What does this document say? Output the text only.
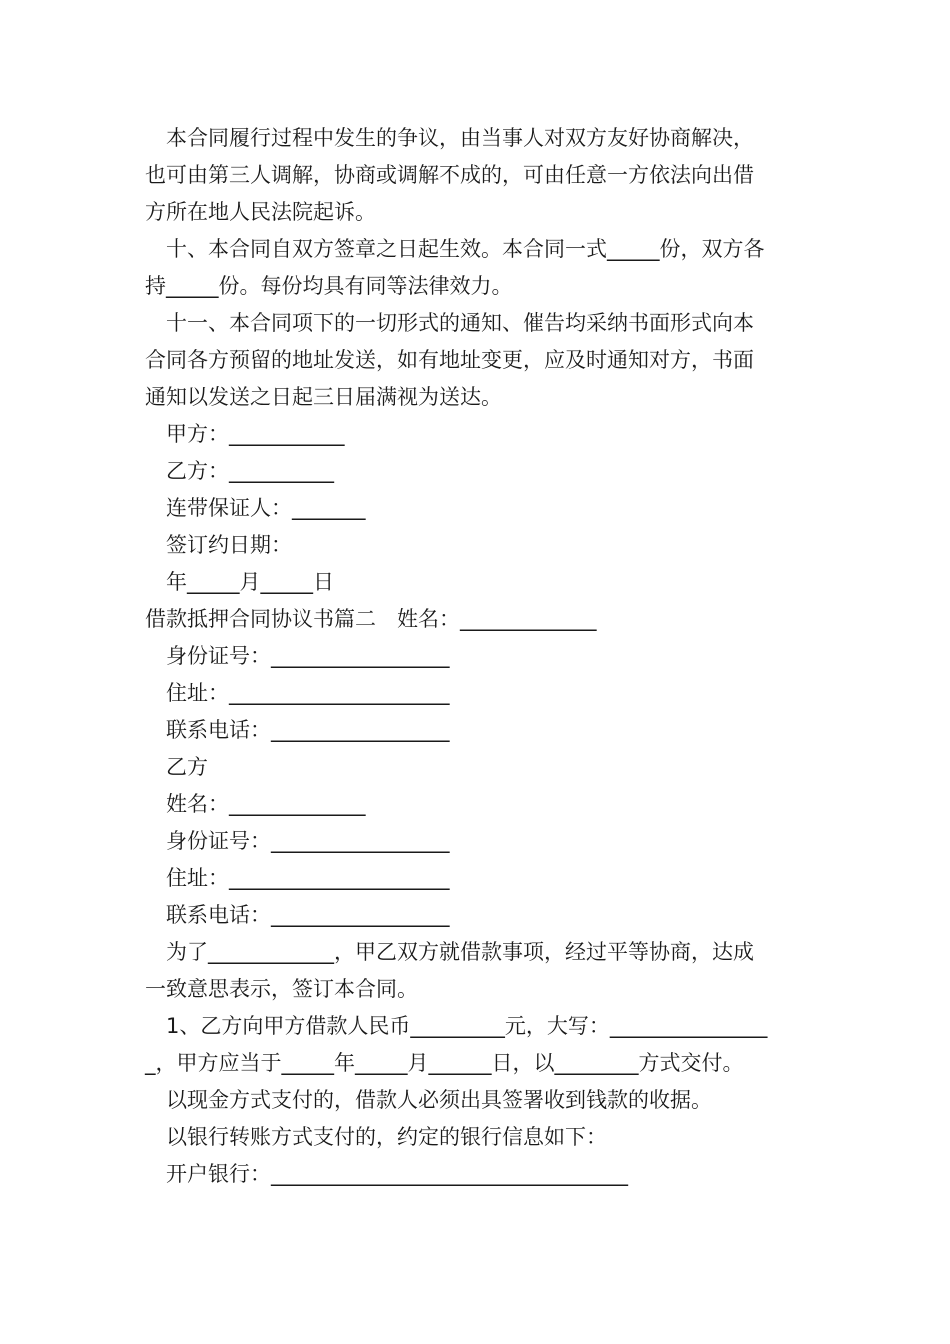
　本合同履行过程中发生的争议，由当事人对双方友好协商解决，
也可由第三人调解，协商或调解不成的，可由任意一方依法向出借
方所在地人民法院起诉。
　十、本合同自双方签章之日起生效。本合同一式_____份，双方各
持_____份。每份均具有同等法律效力。
　十一、本合同项下的一切形式的通知、催告均采纳书面形式向本
合同各方预留的地址发送，如有地址变更，应及时通知对方，书面
通知以发送之日起三日届满视为送达。
　甲方：___________
　乙方：__________
　连带保证人：_______
　签订约日期：
　年_____月_____日
借款抵押合同协议书篇二　姓名：_____________
　身份证号：_________________
　住址：_____________________
　联系电话：_________________
　乙方
　姓名：_____________
　身份证号：_________________
　住址：_____________________
　联系电话：_________________
　为了____________，甲乙双方就借款事项，经过平等协商，达成
一致意思表示，签订本合同。
　1、乙方向甲方借款人民币_________元，大写：_______________
_，甲方应当于_____年_____月______日，以________方式交付。
　以现金方式支付的，借款人必须出具签署收到钱款的收据。
　以银行转账方式支付的，约定的银行信息如下：
　开户银行：__________________________________
